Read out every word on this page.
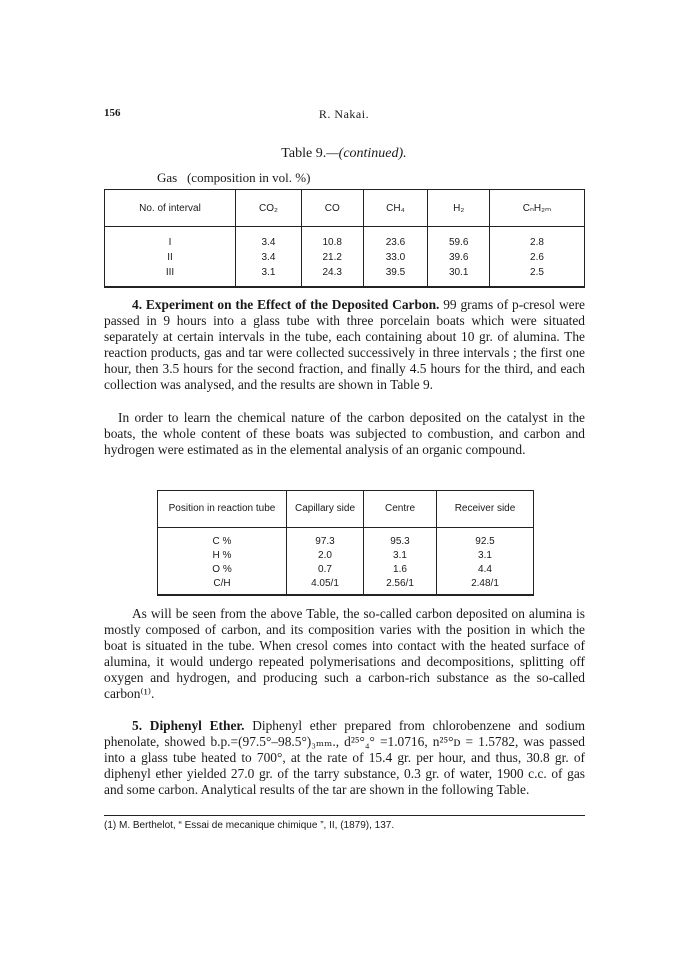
156	R. Nakai.
Table 9.—(continued).
Gas   (composition in vol. %)
No. of interval	CO₂	CO	CH₄	H₂	CₙH₂ₘ
I	3.4	10.8	23.6	59.6	2.8
II	3.4	21.2	33.0	39.6	2.6
III	3.1	24.3	39.5	30.1	2.5
4. Experiment on the Effect of the Deposited Carbon. 99 grams of p-cresol were passed in 9 hours into a glass tube with three porcelain boats which were situated separately at certain intervals in the tube, each containing about 10 gr. of alumina. The reaction products, gas and tar were collected successively in three intervals ; the first one hour, then 3.5 hours for the second fraction, and finally 4.5 hours for the third, and each collection was analysed, and the results are shown in Table 9.
In order to learn the chemical nature of the carbon deposited on the catalyst in the boats, the whole content of these boats was subjected to combustion, and carbon and hydrogen were estimated as in the elemental analysis of an organic compound.
Position in reaction tube	Capillary side	Centre	Receiver side
C %	97.3	95.3	92.5
H %	2.0	3.1	3.1
O %	0.7	1.6	4.4
C/H	4.05/1	2.56/1	2.48/1
As will be seen from the above Table, the so-called carbon deposited on alumina is mostly composed of carbon, and its composition varies with the position in which the boat is situated in the tube. When cresol comes into contact with the heated surface of alumina, it would undergo repeated polymerisations and decompositions, splitting off oxygen and hydrogen, and producing such a carbon-rich substance as the so-called carbon⁽¹⁾.
5. Diphenyl Ether. Diphenyl ether prepared from chlorobenzene and sodium phenolate, showed b.p.=(97.5°–98.5°)₃ₘₘ., d²⁵°₄° =1.0716, n²⁵°ᴅ = 1.5782, was passed into a glass tube heated to 700°, at the rate of 15.4 gr. per hour, and thus, 30.8 gr. of diphenyl ether yielded 27.0 gr. of the tarry substance, 0.3 gr. of water, 1900 c.c. of gas and some carbon. Analytical results of the tar are shown in the following Table.
(1) M. Berthelot, “ Essai de mecanique chimique ”, II, (1879), 137.
